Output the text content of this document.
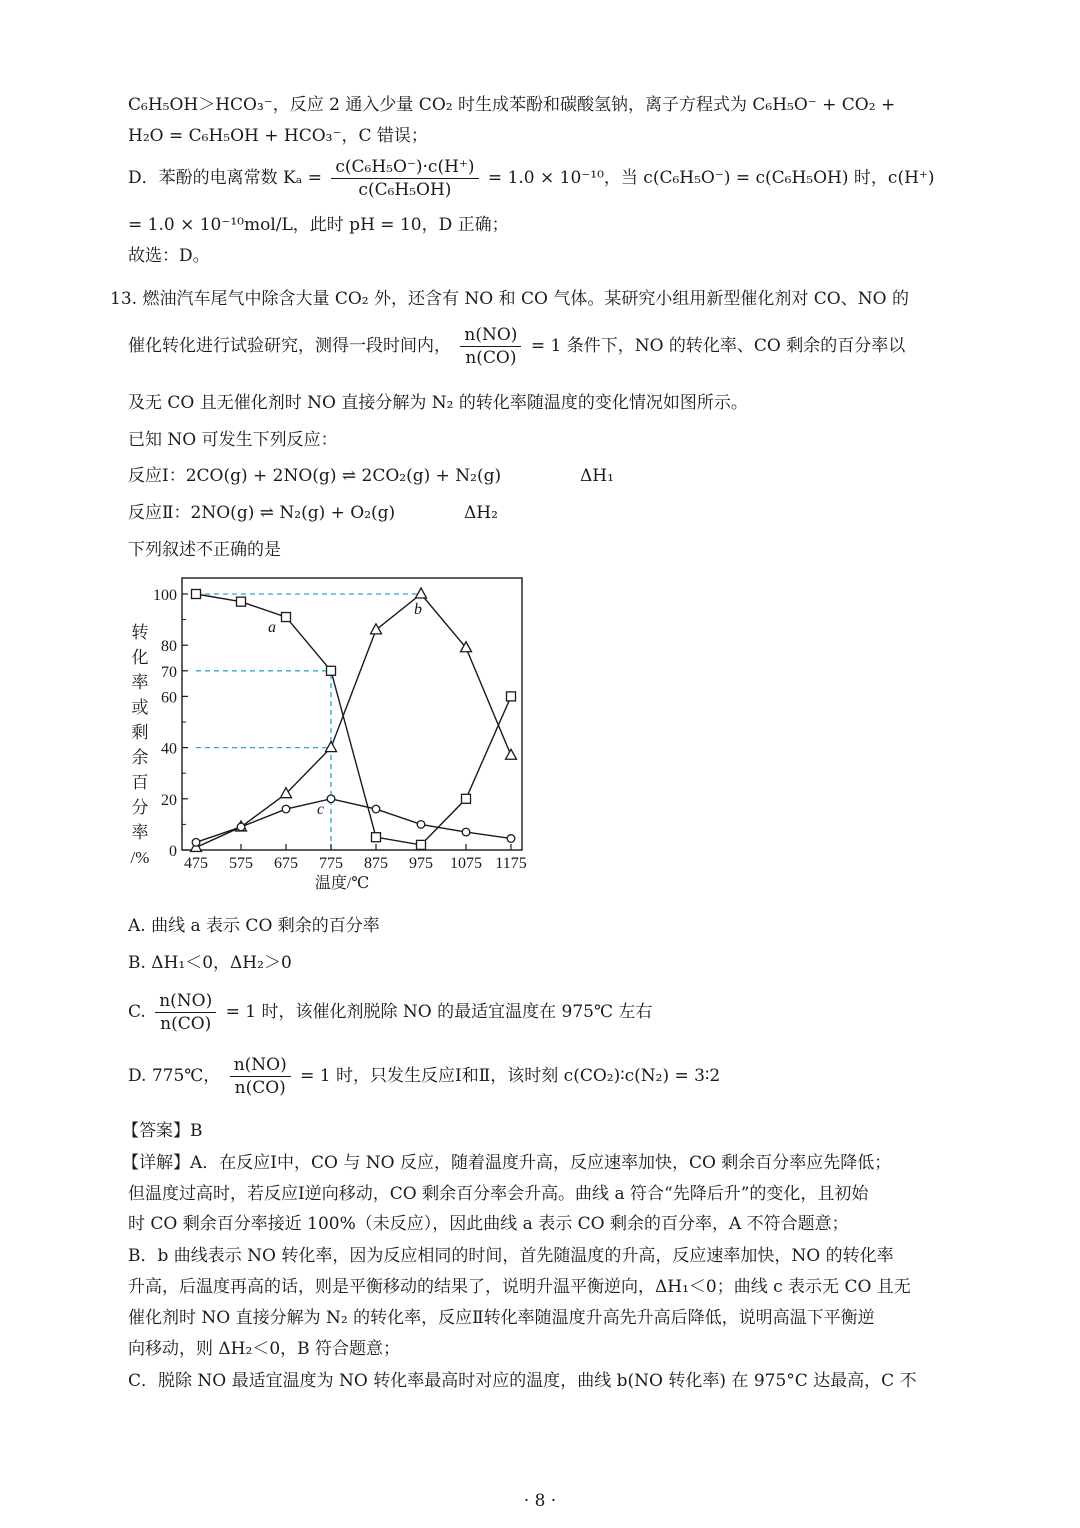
C₆H₅OH＞HCO₃⁻，反应 2 通入少量 CO₂ 时生成苯酚和碳酸氢钠，离子方程式为 C₆H₅O⁻ + CO₂ +
H₂O = C₆H₅OH + HCO₃⁻，C 错误；
D．苯酚的电离常数 $K_a = \frac{\text{c(C₆H₅O⁻)·c(H⁺)}}{\text{c(C₆H₅OH)}} = 1.0 \times 10^{-10}$，当 c(C₆H₅O⁻) = c(C₆H₅OH) 时，c(H⁺)
= 1.0 × 10⁻¹⁰mol/L，此时 pH = 10，D 正确；
故选：D。
13. 燃油汽车尾气中除含大量 CO₂ 外，还含有 NO 和 CO 气体。某研究小组用新型催化剂对 CO、NO 的
催化转化进行试验研究，测得一段时间内， $\frac{n(NO)}{n(CO)} = 1$ 条件下，NO 的转化率、CO 剩余的百分率以
及无 CO 且无催化剂时 NO 直接分解为 N₂ 的转化率随温度的变化情况如图所示。
已知 NO 可发生下列反应：
反应Ⅰ：2CO(g) + 2NO(g) ⇌ 2CO₂(g) + N₂(g)	ΔH₁
反应Ⅱ：2NO(g) ⇌ N₂(g) + O₂(g)	ΔH₂
下列叙述不正确的是
0
20
40
60
70
80
100
475 575 675 775 875 975 1075 1175
转
化
率
或
剩
余
百
分
率
/%
温度/℃
a
b
c
A. 曲线 a 表示 CO 剩余的百分率
B. ΔH₁＜0，ΔH₂＞0
C. $\frac{n(NO)}{n(CO)} = 1$ 时，该催化剂脱除 NO 的最适宜温度在 975℃ 左右
D. 775℃， $\frac{n(NO)}{n(CO)} = 1$ 时，只发生反应Ⅰ和Ⅱ，该时刻 c(CO₂)∶c(N₂) = 3∶2
【答案】B
【详解】A．在反应Ⅰ中，CO 与 NO 反应，随着温度升高，反应速率加快，CO 剩余百分率应先降低；
但温度过高时，若反应Ⅰ逆向移动，CO 剩余百分率会升高。曲线 a 符合“先降后升”的变化，且初始
时 CO 剩余百分率接近 100%（未反应），因此曲线 a 表示 CO 剩余的百分率，A 不符合题意；
B．b 曲线表示 NO 转化率，因为反应相同的时间，首先随温度的升高，反应速率加快，NO 的转化率
升高，后温度再高的话，则是平衡移动的结果了，说明升温平衡逆向，ΔH₁＜0；曲线 c 表示无 CO 且无
催化剂时 NO 直接分解为 N₂ 的转化率，反应Ⅱ转化率随温度升高先升高后降低，说明高温下平衡逆
向移动，则 ΔH₂＜0，B 符合题意；
C．脱除 NO 最适宜温度为 NO 转化率最高时对应的温度，曲线 b(NO 转化率) 在 975°C 达最高，C 不
· 8 ·
